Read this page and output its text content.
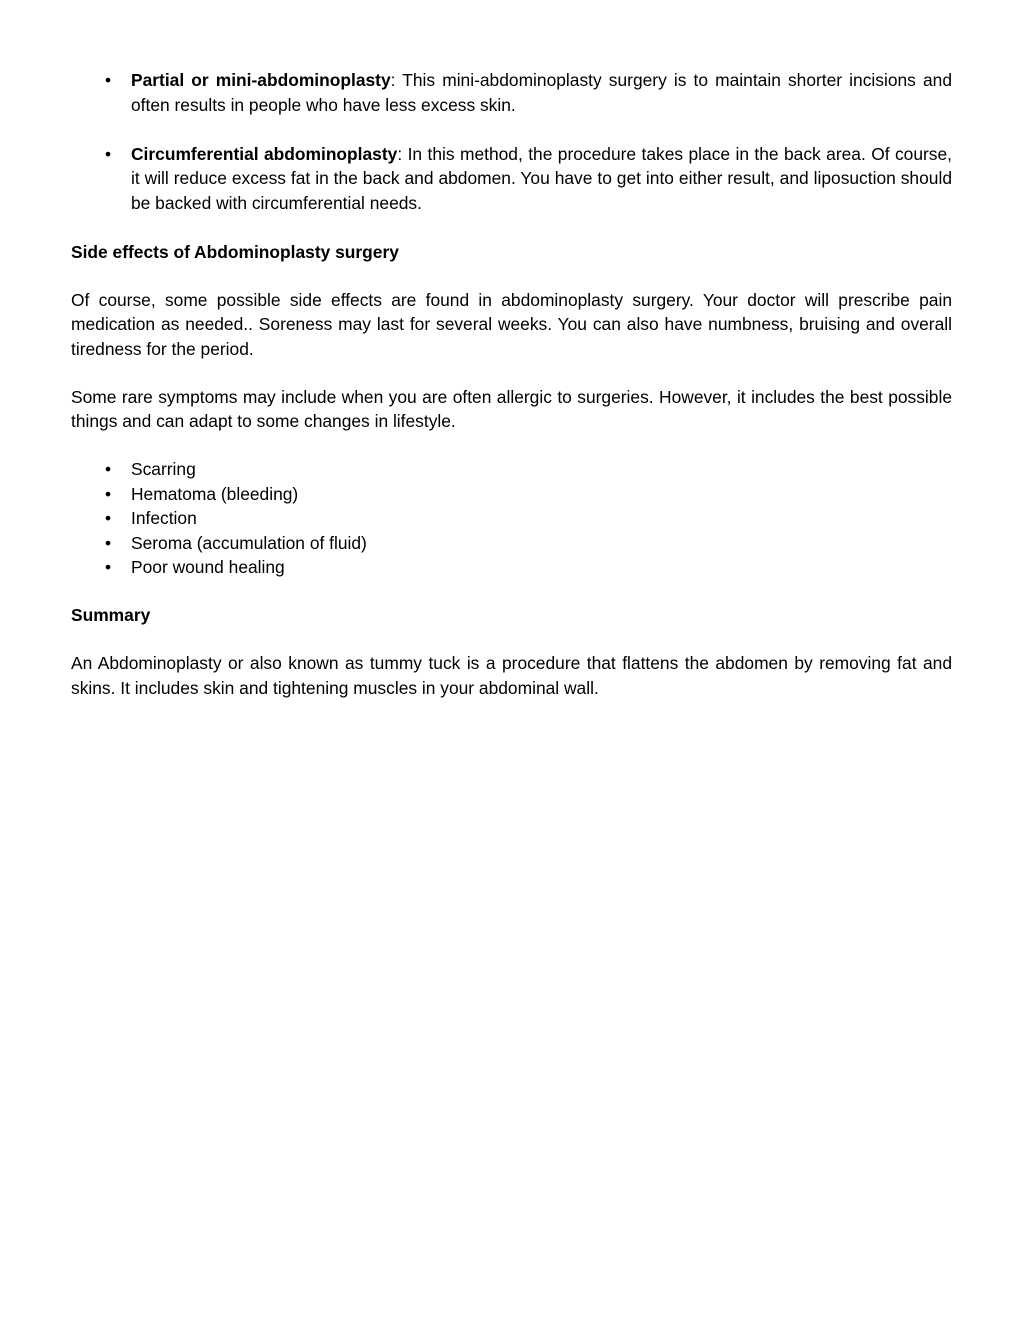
• Partial or mini-abdominoplasty: This mini-abdominoplasty surgery is to maintain shorter incisions and often results in people who have less excess skin.

• Circumferential abdominoplasty: In this method, the procedure takes place in the back area. Of course, it will reduce excess fat in the back and abdomen. You have to get into either result, and liposuction should be backed with circumferential needs.

Side effects of Abdominoplasty surgery

Of course, some possible side effects are found in abdominoplasty surgery. Your doctor will prescribe pain medication as needed.. Soreness may last for several weeks. You can also have numbness, bruising and overall tiredness for the period.

Some rare symptoms may include when you are often allergic to surgeries. However, it includes the best possible things and can adapt to some changes in lifestyle.

• Scarring
• Hematoma (bleeding)
• Infection
• Seroma (accumulation of fluid)
• Poor wound healing
Summary

An Abdominoplasty or also known as tummy tuck is a procedure that flattens the abdomen by removing fat and skins. It includes skin and tightening muscles in your abdominal wall.
